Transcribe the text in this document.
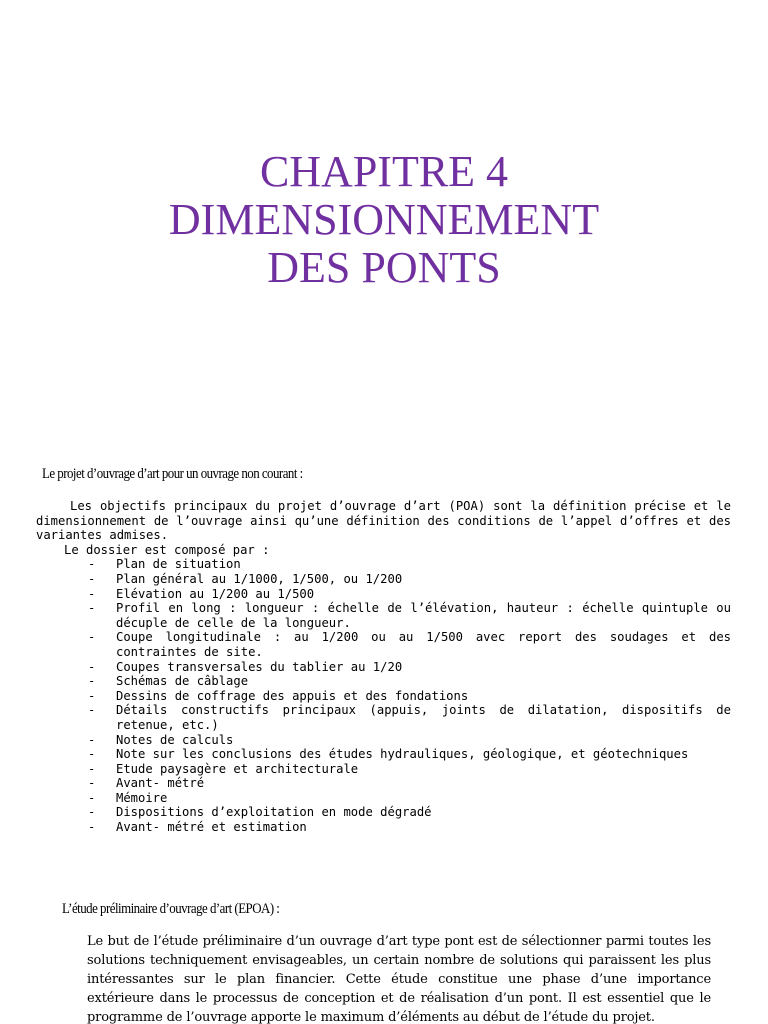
CHAPITRE 4
DIMENSIONNEMENT
DES PONTS
Le projet d’ouvrage d’art pour un ouvrage non courant :

Les objectifs principaux du projet d’ouvrage d’art (POA) sont la définition précise et le dimensionnement de l’ouvrage ainsi qu’une définition des conditions de l’appel d’offres et des variantes admises.

Le dossier est composé par :

- Plan de situation
- Plan général au 1/1000, 1/500, ou 1/200
- Elévation au 1/200 au 1/500
- Profil en long : longueur : échelle de l’élévation, hauteur : échelle quintuple ou décuple de celle de la longueur.
- Coupe longitudinale : au 1/200 ou au 1/500 avec report des soudages et des contraintes de site.
- Coupes transversales du tablier au 1/20
- Schémas de câblage
- Dessins de coffrage des appuis et des fondations
- Détails constructifs principaux (appuis, joints de dilatation, dispositifs de retenue, etc.)
- Notes de calculs
- Note sur les conclusions des études hydrauliques, géologique, et géotechniques
- Etude paysagère et architecturale
- Avant- métré
- Mémoire
- Dispositions d’exploitation en mode dégradé
- Avant- métré et estimation
L’étude préliminaire d’ouvrage d’art (EPOA) :
Le but de l’étude préliminaire d’un ouvrage d’art type pont est de sélectionner parmi toutes les solutions techniquement envisageables, un certain nombre de solutions qui paraissent les plus intéressantes sur le plan financier. Cette étude constitue une phase d’une importance extérieure dans le processus de conception et de réalisation d’un pont. Il est essentiel que le programme de l’ouvrage apporte le maximum d’éléments au début de l’étude du projet.
